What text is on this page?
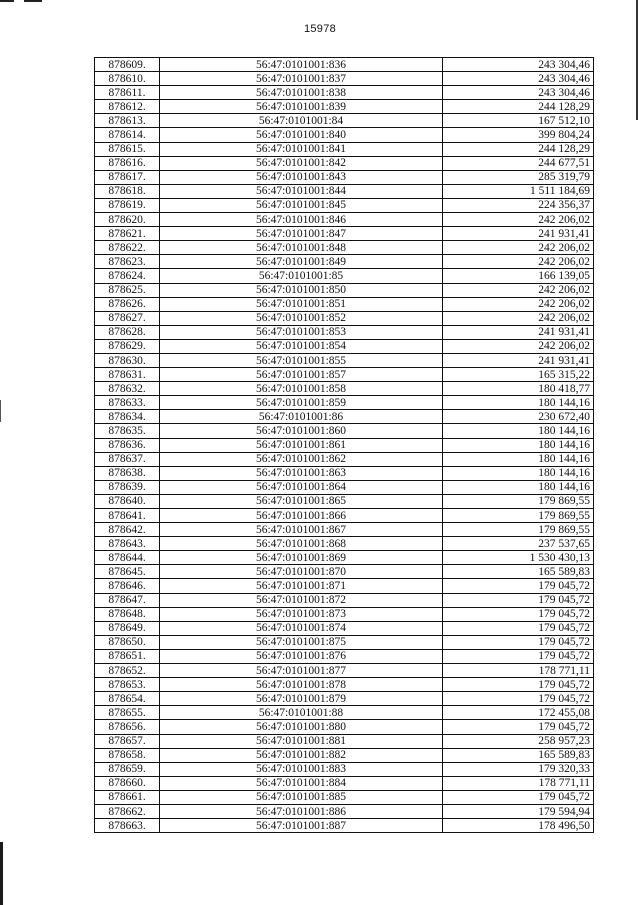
15978
878609.	56:47:0101001:836	243 304,46
878610.	56:47:0101001:837	243 304,46
878611.	56:47:0101001:838	243 304,46
878612.	56:47:0101001:839	244 128,29
878613.	56:47:0101001:84	167 512,10
878614.	56:47:0101001:840	399 804,24
878615.	56:47:0101001:841	244 128,29
878616.	56:47:0101001:842	244 677,51
878617.	56:47:0101001:843	285 319,79
878618.	56:47:0101001:844	1 511 184,69
878619.	56:47:0101001:845	224 356,37
878620.	56:47:0101001:846	242 206,02
878621.	56:47:0101001:847	241 931,41
878622.	56:47:0101001:848	242 206,02
878623.	56:47:0101001:849	242 206,02
878624.	56:47:0101001:85	166 139,05
878625.	56:47:0101001:850	242 206,02
878626.	56:47:0101001:851	242 206,02
878627.	56:47:0101001:852	242 206,02
878628.	56:47:0101001:853	241 931,41
878629.	56:47:0101001:854	242 206,02
878630.	56:47:0101001:855	241 931,41
878631.	56:47:0101001:857	165 315,22
878632.	56:47:0101001:858	180 418,77
878633.	56:47:0101001:859	180 144,16
878634.	56:47:0101001:86	230 672,40
878635.	56:47:0101001:860	180 144,16
878636.	56:47:0101001:861	180 144,16
878637.	56:47:0101001:862	180 144,16
878638.	56:47:0101001:863	180 144,16
878639.	56:47:0101001:864	180 144,16
878640.	56:47:0101001:865	179 869,55
878641.	56:47:0101001:866	179 869,55
878642.	56:47:0101001:867	179 869,55
878643.	56:47:0101001:868	237 537,65
878644.	56:47:0101001:869	1 530 430,13
878645.	56:47:0101001:870	165 589,83
878646.	56:47:0101001:871	179 045,72
878647.	56:47:0101001:872	179 045,72
878648.	56:47:0101001:873	179 045,72
878649.	56:47:0101001:874	179 045,72
878650.	56:47:0101001:875	179 045,72
878651.	56:47:0101001:876	179 045,72
878652.	56:47:0101001:877	178 771,11
878653.	56:47:0101001:878	179 045,72
878654.	56:47:0101001:879	179 045,72
878655.	56:47:0101001:88	172 455,08
878656.	56:47:0101001:880	179 045,72
878657.	56:47:0101001:881	258 957,23
878658.	56:47:0101001:882	165 589,83
878659.	56:47:0101001:883	179 320,33
878660.	56:47:0101001:884	178 771,11
878661.	56:47:0101001:885	179 045,72
878662.	56:47:0101001:886	179 594,94
878663.	56:47:0101001:887	178 496,50
